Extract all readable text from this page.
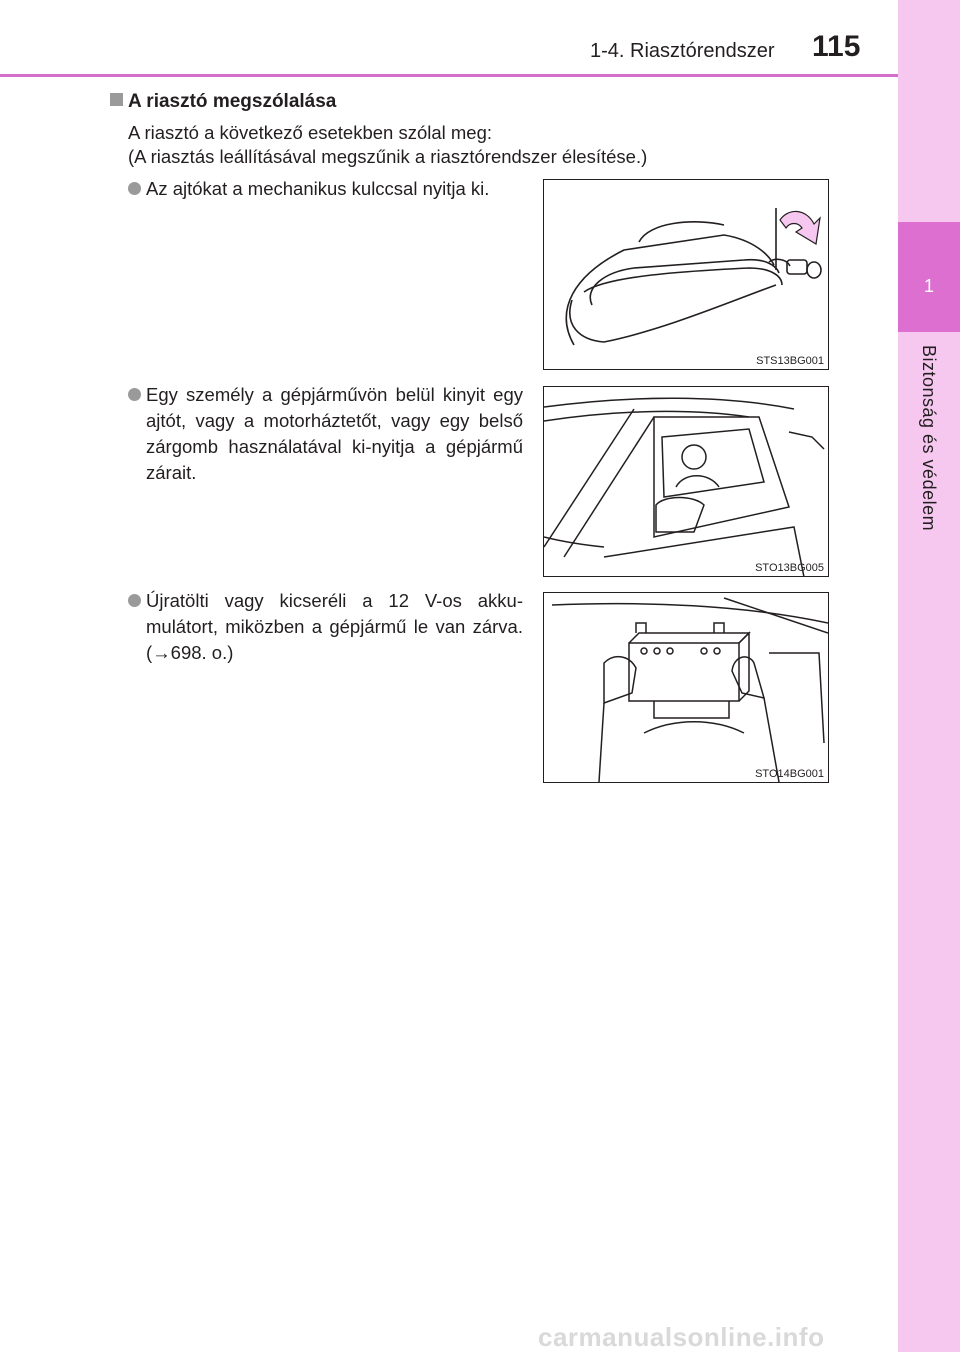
1-4. Riasztórendszer 115
1
Biztonság és védelem
A riasztó megszólalása
A riasztó a következő esetekben szólal meg:
(A riasztás leállításával megszűnik a riasztórendszer élesítése.)
Az ajtókat a mechanikus kulccsal nyitja ki.
STS13BG001
Egy személy a gépjárművön belül kinyit egy ajtót, vagy a motorháztetőt, vagy egy belső zárgomb használatával ki-nyitja a gépjármű zárait.
STO13BG005
Újratölti vagy kicseréli a 12 V-os akku-mulátort, miközben a gépjármű le van zárva. (→698. o.)
STO14BG001
carmanualsonline.info
